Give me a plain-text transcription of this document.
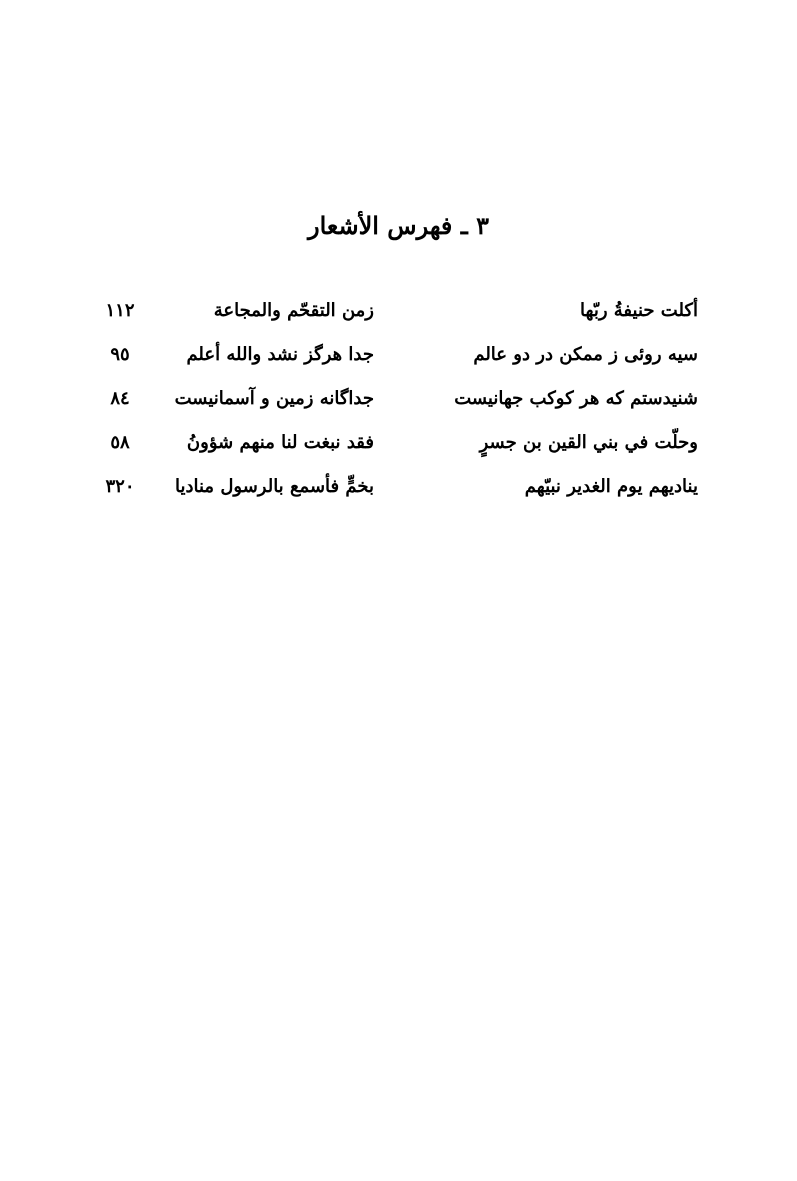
٣ ـ فهرس الأشعار
أكلت حنيفةُ ربّها
زمن التقحّم والمجاعة
١١٢
سيه روئى ز ممكن در دو عالم
جدا هرگز نشد والله أعلم
٩٥
شنيدستم كه هر كوكب جهانيست
جداگانه زمين و آسمانيست
٨٤
وحلّت في بني القين بن جسرٍ
فقد نبغت لنا منهم شؤونُ
٥٨
يناديهم يوم الغدير نبيّهم
بخمٍّ فأسمع بالرسول مناديا
٣٢٠
